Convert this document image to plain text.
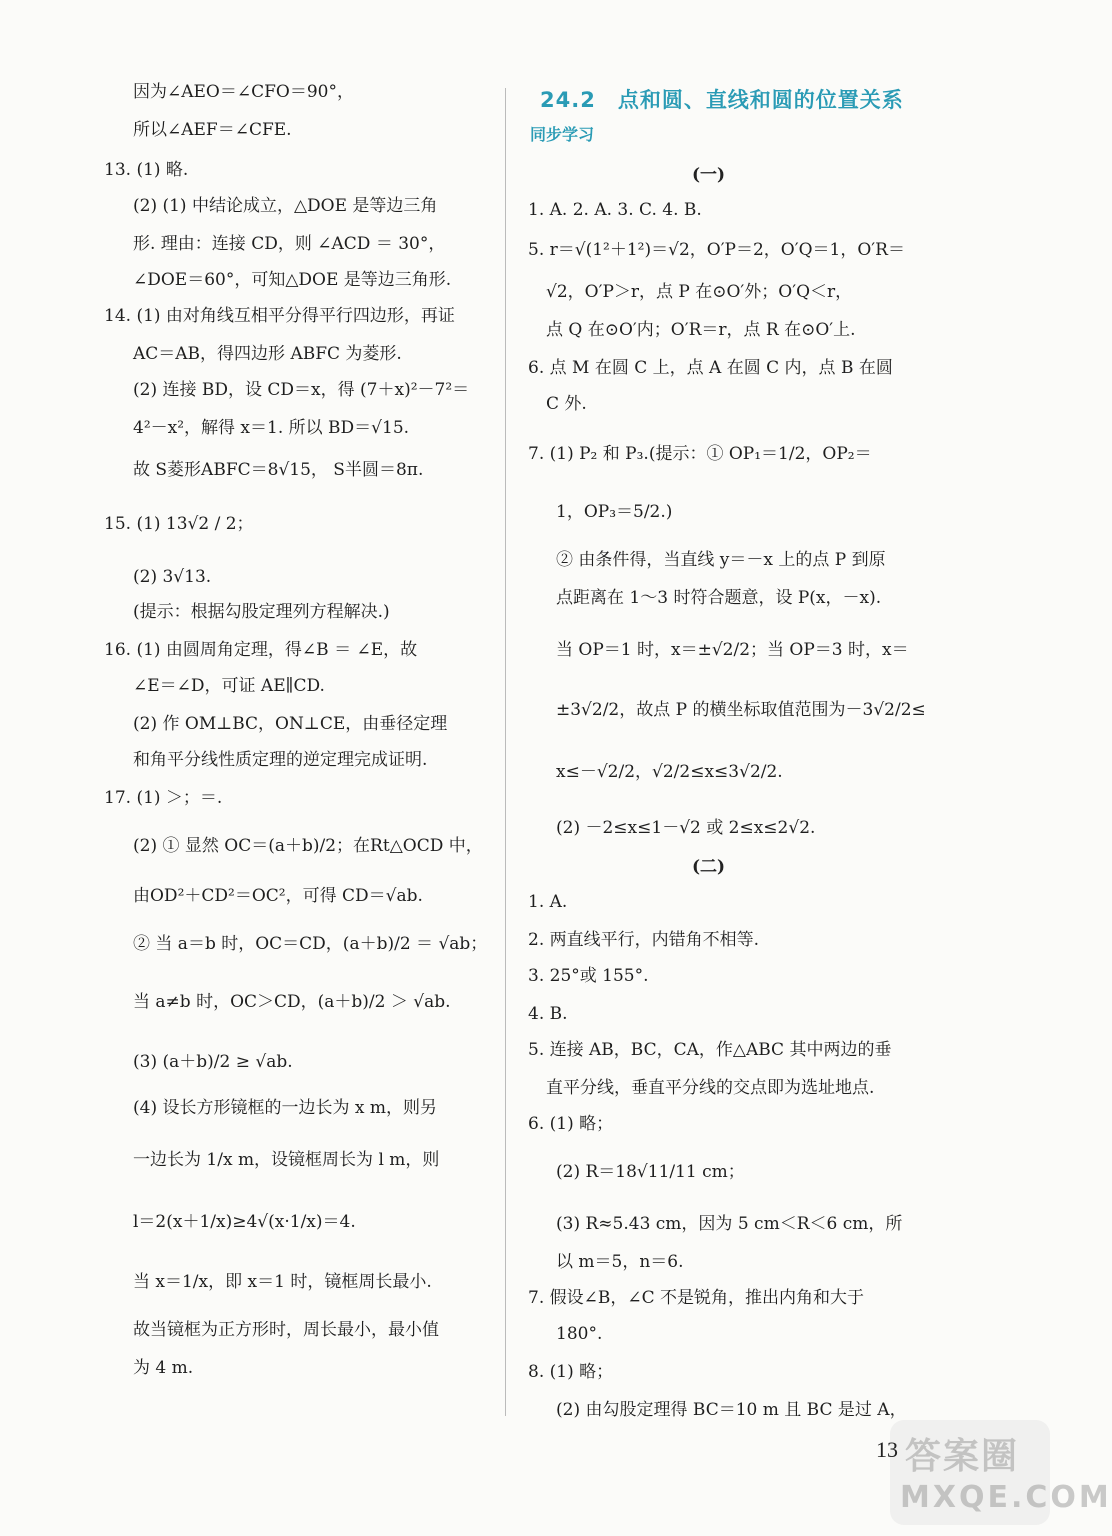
因为∠AEO＝∠CFO＝90°，
所以∠AEF＝∠CFE.
13. (1) 略.
(2) (1) 中结论成立，△DOE 是等边三角
形. 理由：连接 CD，则 ∠ACD ＝ 30°，
∠DOE＝60°，可知△DOE 是等边三角形.
14. (1) 由对角线互相平分得平行四边形，再证
AC＝AB，得四边形 ABFC 为菱形.
(2) 连接 BD，设 CD＝x，得 (7＋x)²－7²＝
4²－x²，解得 x＝1. 所以 BD＝√15.
故 S菱形ABFC＝8√15， S半圆＝8π.
15. (1) 13√2 / 2；
(2) 3√13.
(提示：根据勾股定理列方程解决.)
16. (1) 由圆周角定理，得∠B ＝ ∠E，故
∠E＝∠D，可证 AE∥CD.
(2) 作 OM⊥BC，ON⊥CE，由垂径定理
和角平分线性质定理的逆定理完成证明.
17. (1) ＞；＝.
(2) ① 显然 OC＝(a＋b)/2；在Rt△OCD 中，
由OD²＋CD²＝OC²，可得 CD＝√ab.
② 当 a＝b 时，OC＝CD，(a＋b)/2 ＝ √ab；
当 a≠b 时，OC＞CD，(a＋b)/2 ＞ √ab.
(3) (a＋b)/2 ≥ √ab.
(4) 设长方形镜框的一边长为 x m，则另
一边长为 1/x m，设镜框周长为 l m，则
l＝2(x＋1/x)≥4√(x·1/x)＝4.
当 x＝1/x，即 x＝1 时，镜框周长最小.
故当镜框为正方形时，周长最小，最小值
为 4 m.
24.2　点和圆、直线和圆的位置关系
同步学习
(一)
(二)
1. A. 2. A. 3. C. 4. B.
5. r＝√(1²＋1²)＝√2，O′P＝2，O′Q＝1，O′R＝
√2，O′P＞r，点 P 在⊙O′外；O′Q＜r，
点 Q 在⊙O′内；O′R＝r，点 R 在⊙O′上.
6. 点 M 在圆 C 上，点 A 在圆 C 内，点 B 在圆
C 外.
7. (1) P₂ 和 P₃.(提示：① OP₁＝1/2，OP₂＝
1，OP₃＝5/2.)
② 由条件得，当直线 y＝－x 上的点 P 到原
点距离在 1～3 时符合题意，设 P(x，－x).
当 OP＝1 时，x＝±√2/2；当 OP＝3 时，x＝
±3√2/2，故点 P 的横坐标取值范围为－3√2/2≤
x≤－√2/2，√2/2≤x≤3√2/2.
(2) －2≤x≤1－√2 或 2≤x≤2√2.
1. A.
2. 两直线平行，内错角不相等.
3. 25°或 155°.
4. B.
5. 连接 AB，BC，CA，作△ABC 其中两边的垂
直平分线，垂直平分线的交点即为选址地点.
6. (1) 略；
(2) R＝18√11/11 cm；
(3) R≈5.43 cm，因为 5 cm＜R＜6 cm，所
以 m＝5，n＝6.
7. 假设∠B，∠C 不是锐角，推出内角和大于
180°.
8. (1) 略；
(2) 由勾股定理得 BC＝10 m 且 BC 是过 A，
13 答案圈
MXQE.COM
